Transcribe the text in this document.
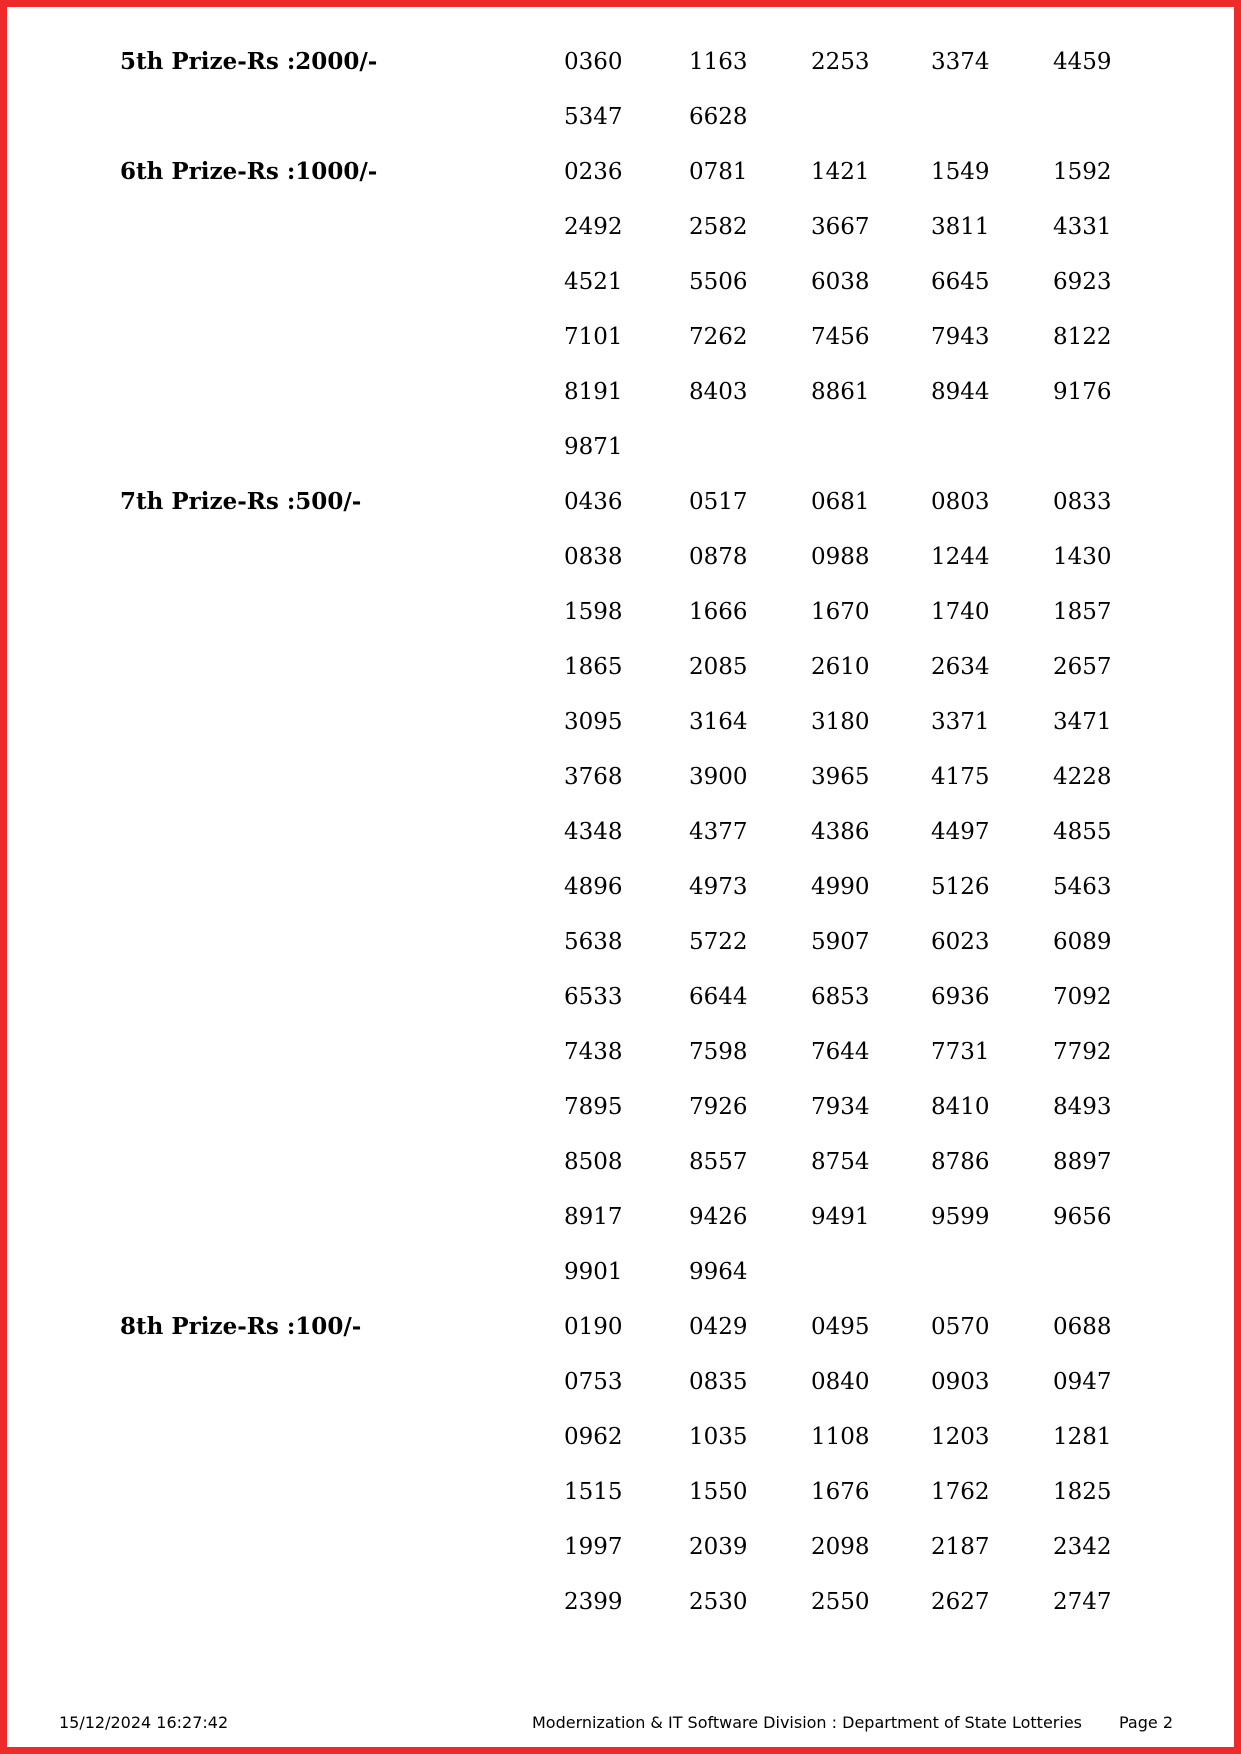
5th Prize-Rs :2000/-	0360	1163	2253	3374	4459
5347	6628
6th Prize-Rs :1000/-	0236	0781	1421	1549	1592
2492	2582	3667	3811	4331
4521	5506	6038	6645	6923
7101	7262	7456	7943	8122
8191	8403	8861	8944	9176
9871
7th Prize-Rs :500/-	0436	0517	0681	0803	0833
0838	0878	0988	1244	1430
1598	1666	1670	1740	1857
1865	2085	2610	2634	2657
3095	3164	3180	3371	3471
3768	3900	3965	4175	4228
4348	4377	4386	4497	4855
4896	4973	4990	5126	5463
5638	5722	5907	6023	6089
6533	6644	6853	6936	7092
7438	7598	7644	7731	7792
7895	7926	7934	8410	8493
8508	8557	8754	8786	8897
8917	9426	9491	9599	9656
9901	9964
8th Prize-Rs :100/-	0190	0429	0495	0570	0688
0753	0835	0840	0903	0947
0962	1035	1108	1203	1281
1515	1550	1676	1762	1825
1997	2039	2098	2187	2342
2399	2530	2550	2627	2747
15/12/2024 16:27:42	Modernization & IT Software Division : Department of State Lotteries Page 2
